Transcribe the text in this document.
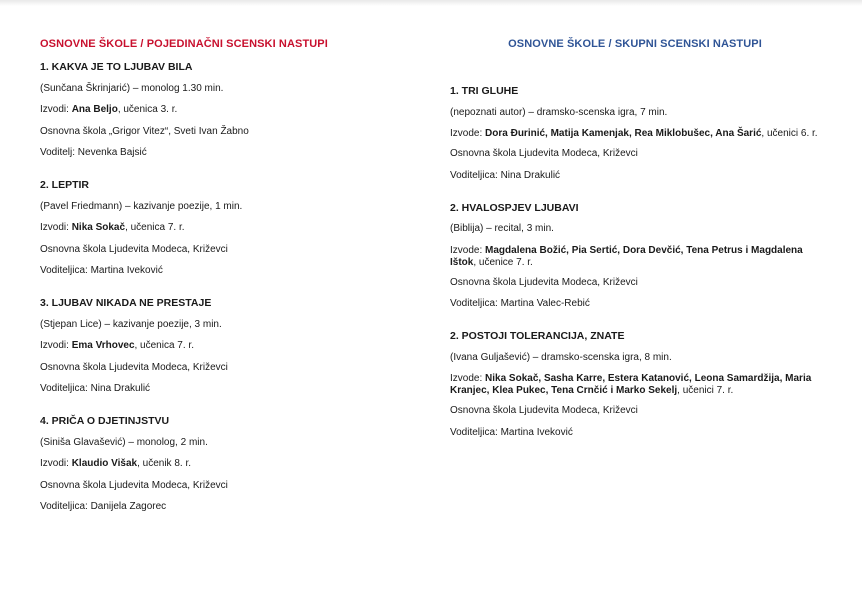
OSNOVNE ŠKOLE / POJEDINAČNI SCENSKI NASTUPI
1. KAKVA JE TO LJUBAV BILA
(Sunčana Škrinjarić) – monolog 1.30 min.
Izvodi: Ana Beljo, učenica 3. r.
Osnovna škola „Grigor Vitez“, Sveti Ivan Žabno
Voditelj: Nevenka Bajsić
2. LEPTIR
(Pavel Friedmann) – kazivanje poezije, 1 min.
Izvodi: Nika Sokač, učenica 7. r.
Osnovna škola Ljudevita Modeca, Križevci
Voditeljica: Martina Iveković
3. LJUBAV NIKADA NE PRESTAJE
(Stjepan Lice) – kazivanje poezije, 3 min.
Izvodi: Ema Vrhovec, učenica 7. r.
Osnovna škola Ljudevita Modeca, Križevci
Voditeljica: Nina Drakulić
4. PRIČA O DJETINJSTVU
(Siniša Glavašević) – monolog, 2 min.
Izvodi: Klaudio Višak, učenik 8. r.
Osnovna škola Ljudevita Modeca, Križevci
Voditeljica: Danijela Zagorec
OSNOVNE ŠKOLE / SKUPNI SCENSKI NASTUPI
1. TRI GLUHE
(nepoznati autor) – dramsko-scenska igra, 7 min.
Izvode: Dora Đurinić, Matija Kamenjak, Rea Miklobušec, Ana Šarić, učenici 6. r.
Osnovna škola Ljudevita Modeca, Križevci
Voditeljica: Nina Drakulić
2. HVALOSPJEV LJUBAVI
(Biblija) – recital, 3 min.
Izvode: Magdalena Božić, Pia Sertić, Dora Devčić, Tena Petrus i Magdalena Ištok, učenice 7. r.
Osnovna škola Ljudevita Modeca, Križevci
Voditeljica: Martina Valec-Rebić
2. POSTOJI TOLERANCIJA, ZNATE
(Ivana Guljašević) – dramsko-scenska igra, 8 min.
Izvode: Nika Sokač, Sasha Karre, Estera Katanović, Leona Samardžija, Maria Kranjec, Klea Pukec, Tena Crnčić i Marko Sekelj, učenici 7. r.
Osnovna škola Ljudevita Modeca, Križevci
Voditeljica: Martina Iveković
